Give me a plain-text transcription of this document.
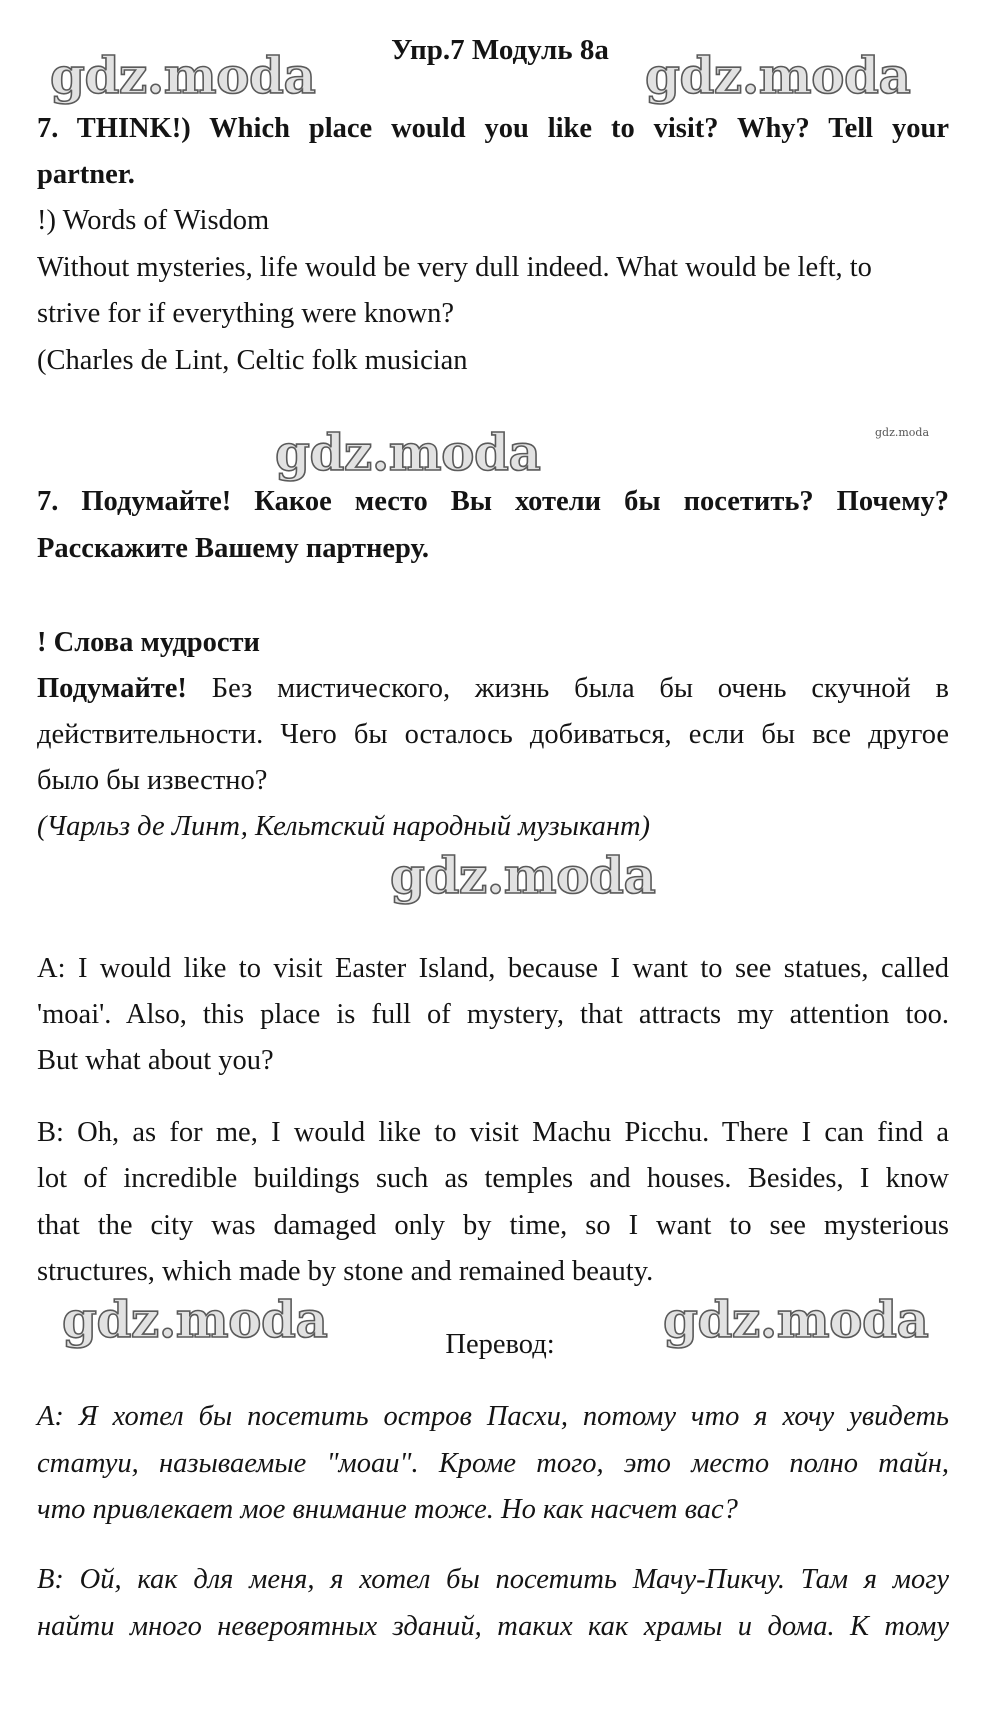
Упр.7 Модуль 8а
gdz.moda	gdz.moda
gdz.moda	gdz.moda
gdz.moda
gdz.moda	gdz.moda
7. THINK!) Which place would you like to visit? Why? Tell your
partner.
!) Words of Wisdom
Without mysteries, life would be very dull indeed. What would be left, to
strive for if everything were known?
(Charles de Lint, Celtic folk musician
7. Подумайте! Какое место Вы хотели бы посетить? Почему?
Расскажите Вашему партнеру.
! Слова мудрости
Подумайте! Без мистического, жизнь была бы очень скучной в
действительности. Чего бы осталось добиваться, если бы все другое
было бы известно?
(Чарльз де Линт, Кельтский народный музыкант)
A: I would like to visit Easter Island, because I want to see statues, called
'moai'. Also, this place is full of mystery, that attracts my attention too.
But what about you?
B: Oh, as for me, I would like to visit Machu Picchu. There I can find a
lot of incredible buildings such as temples and houses. Besides, I know
that the city was damaged only by time, so I want to see mysterious
structures, which made by stone and remained beauty.
Перевод:
А: Я хотел бы посетить остров Пасхи, потому что я хочу увидеть
статуи, называемые "моаи". Кроме того, это место полно тайн,
что привлекает мое внимание тоже. Но как насчет вас?
В: Ой, как для меня, я хотел бы посетить Мачу-Пикчу. Там я могу
найти много невероятных зданий, таких как храмы и дома. К тому
